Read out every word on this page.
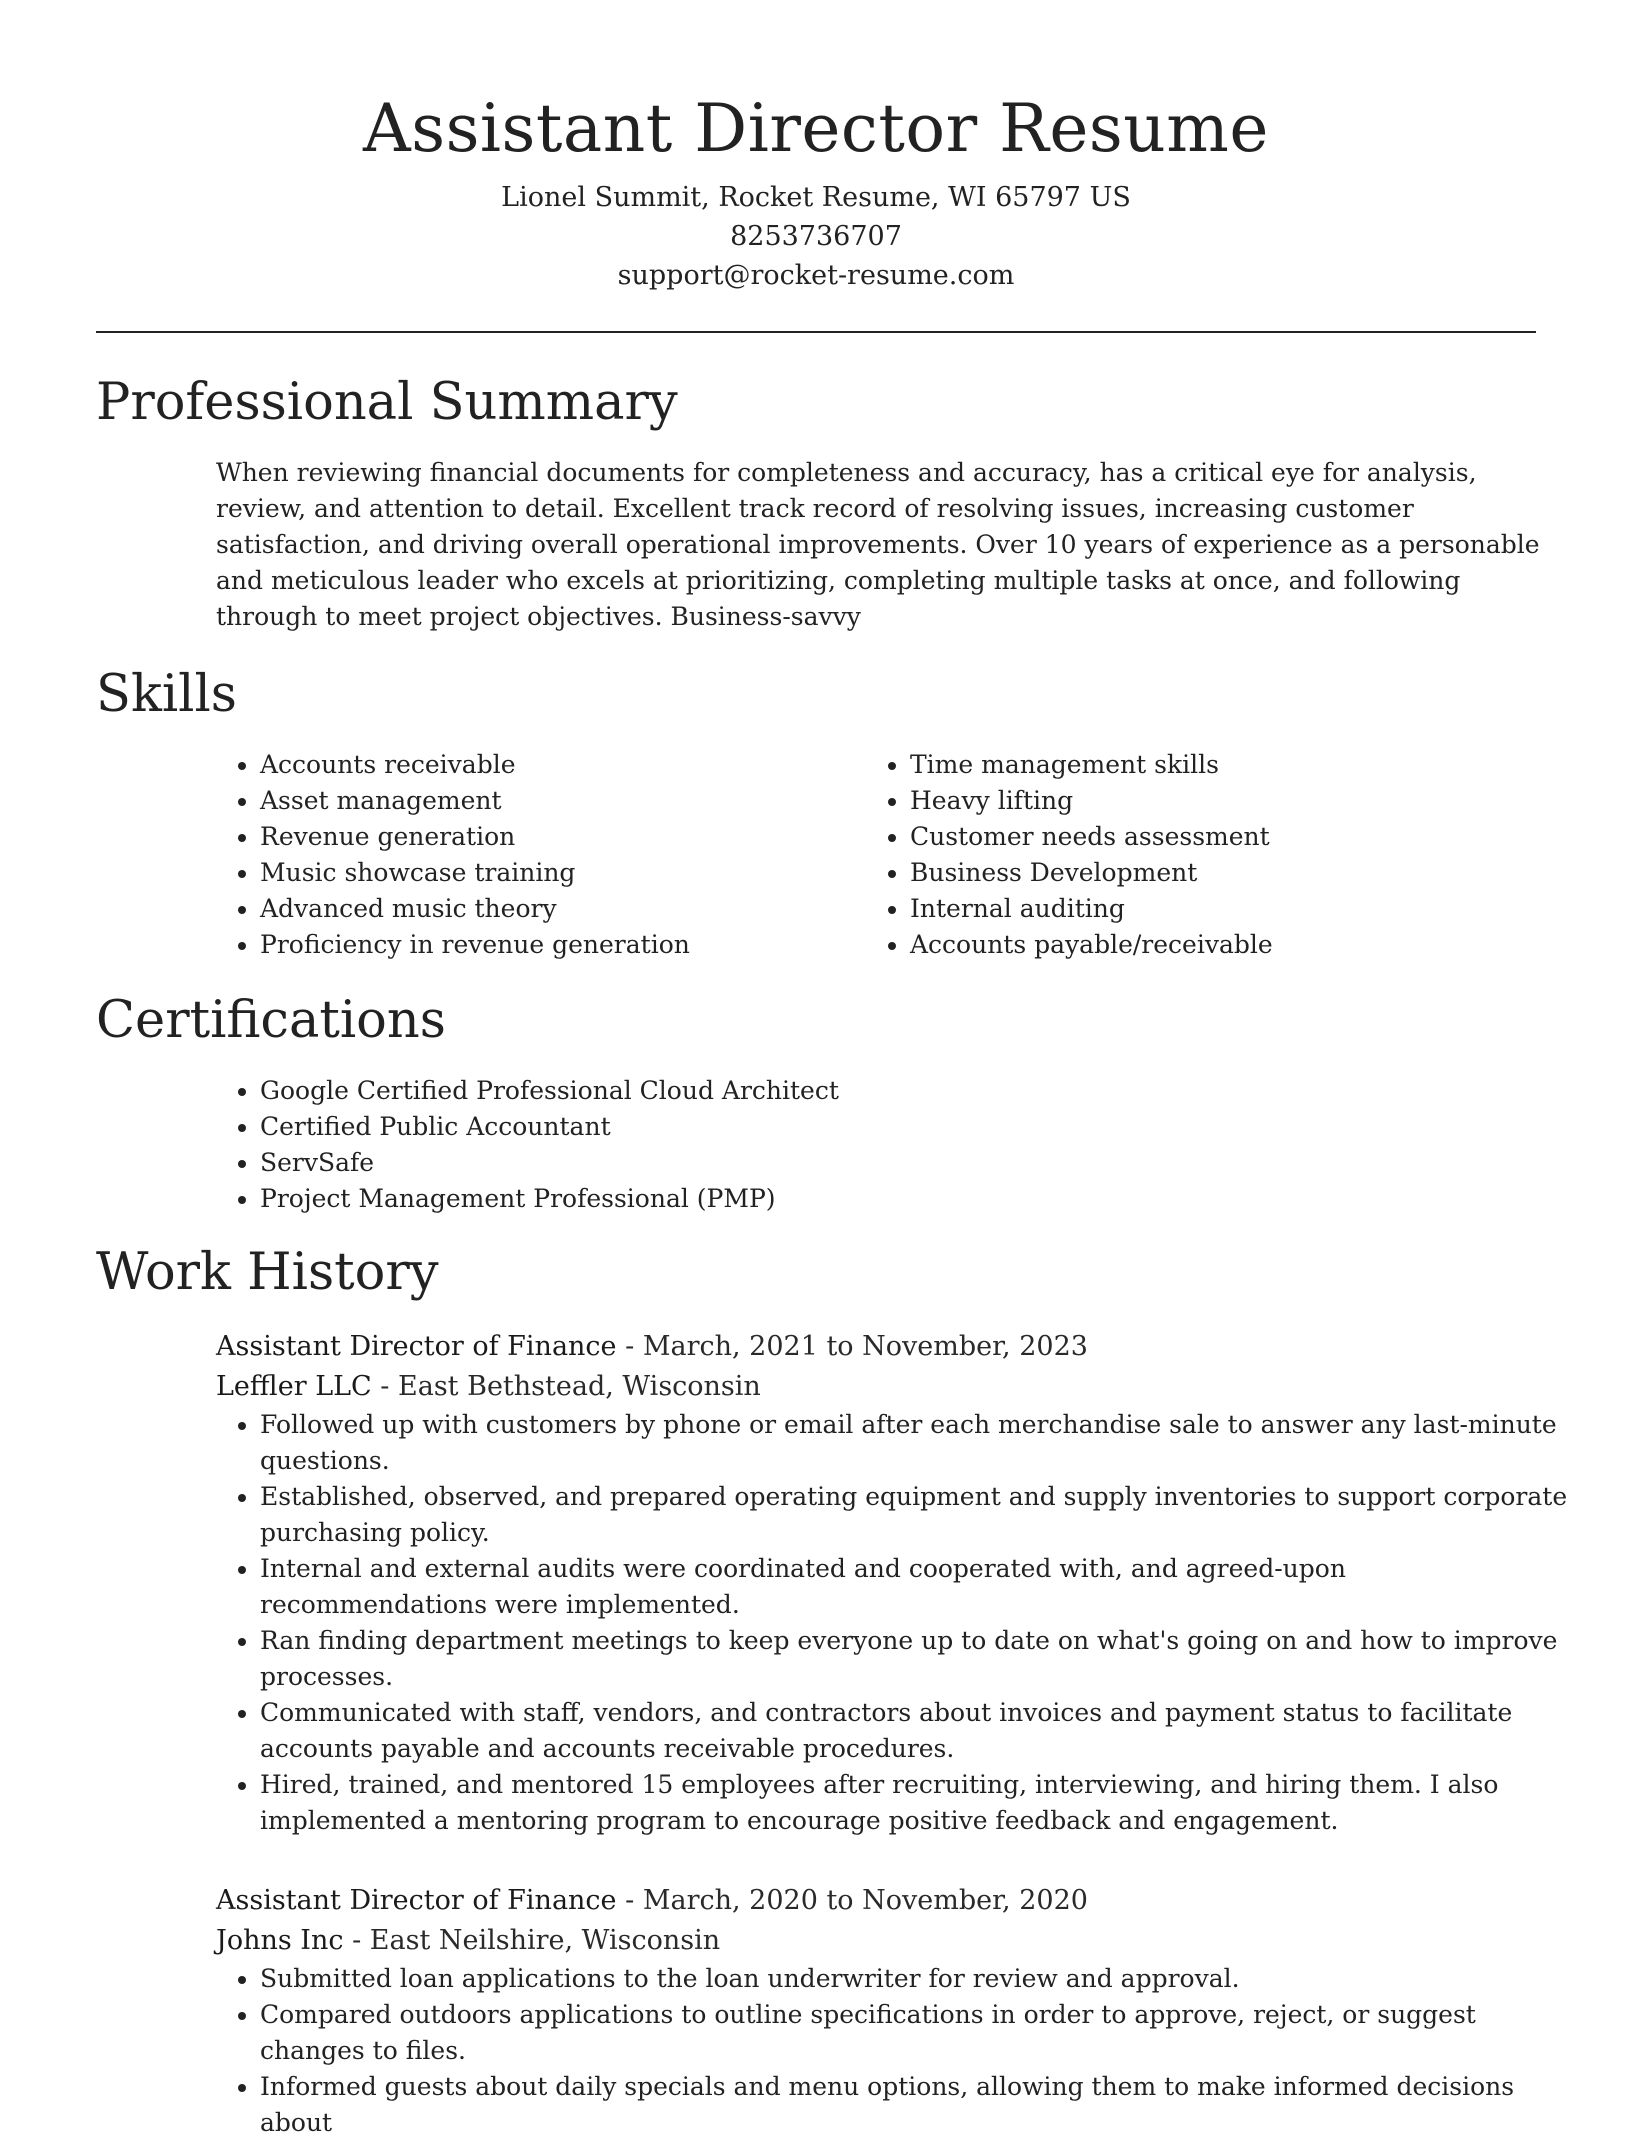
Assistant Director Resume
Lionel Summit, Rocket Resume, WI 65797 US
8253736707
support@rocket-resume.com
Professional Summary

When reviewing financial documents for completeness and accuracy, has a critical eye for analysis, review, and attention to detail. Excellent track record of resolving issues, increasing customer satisfaction, and driving overall operational improvements. Over 10 years of experience as a personable and meticulous leader who excels at prioritizing, completing multiple tasks at once, and following through to meet project objectives. Business-savvy

Skills
• Accounts receivable
• Asset management
• Revenue generation
• Music showcase training
• Advanced music theory
• Proficiency in revenue generation
• Time management skills
• Heavy lifting
• Customer needs assessment
• Business Development
• Internal auditing
• Accounts payable/receivable
Certifications
• Google Certified Professional Cloud Architect
• Certified Public Accountant
• ServSafe
• Project Management Professional (PMP)
Work History
Assistant Director of Finance - March, 2021 to November, 2023
Leffler LLC - East Bethstead, Wisconsin
• Followed up with customers by phone or email after each merchandise sale to answer any last-minute questions.
• Established, observed, and prepared operating equipment and supply inventories to support corporate purchasing policy.
• Internal and external audits were coordinated and cooperated with, and agreed-upon recommendations were implemented.
• Ran finding department meetings to keep everyone up to date on what's going on and how to improve processes.
• Communicated with staff, vendors, and contractors about invoices and payment status to facilitate accounts payable and accounts receivable procedures.
• Hired, trained, and mentored 15 employees after recruiting, interviewing, and hiring them. I also implemented a mentoring program to encourage positive feedback and engagement.
Assistant Director of Finance - March, 2020 to November, 2020
Johns Inc - East Neilshire, Wisconsin
• Submitted loan applications to the loan underwriter for review and approval.
• Compared outdoors applications to outline specifications in order to approve, reject, or suggest changes to files.
• Informed guests about daily specials and menu options, allowing them to make informed decisions about
